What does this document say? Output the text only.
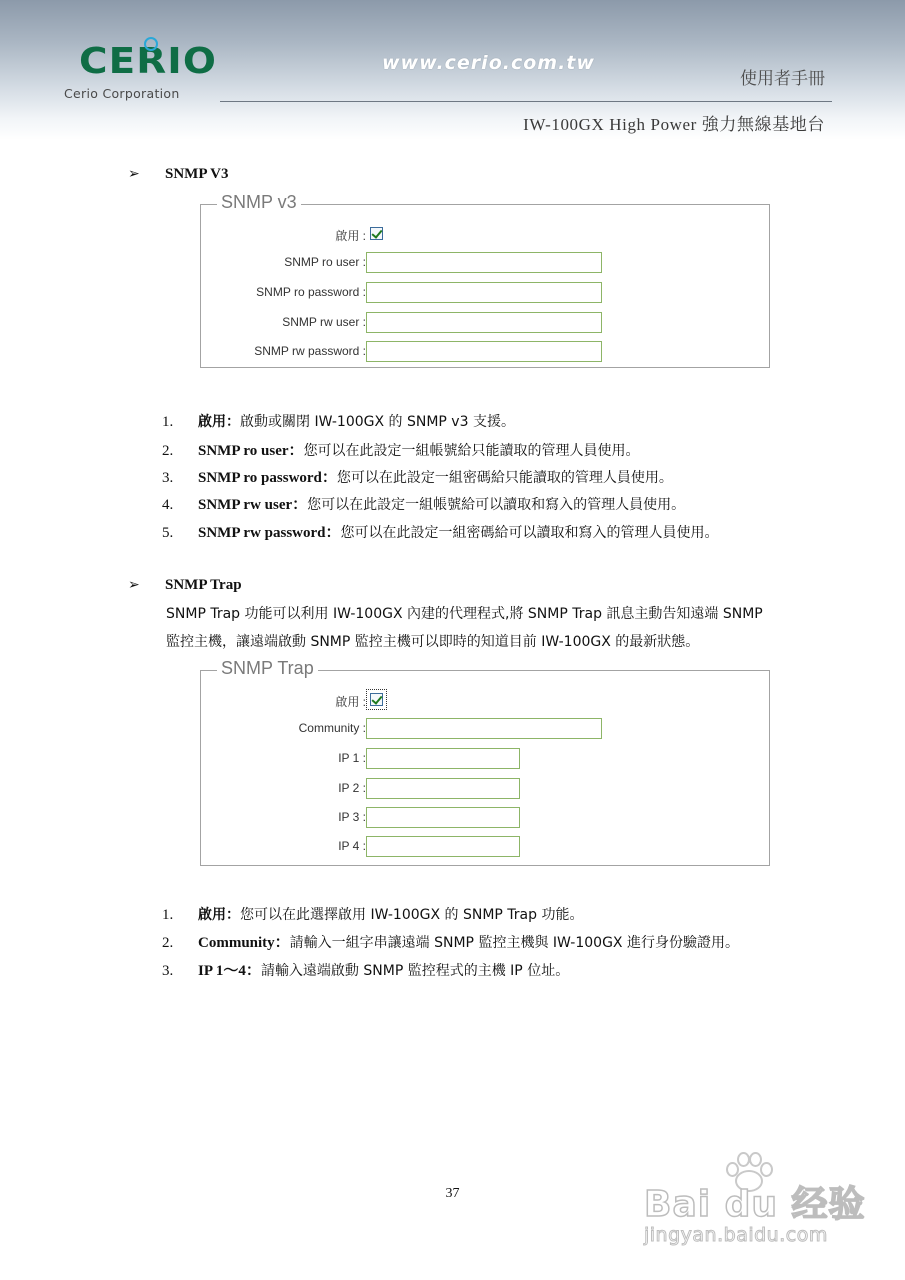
CERIO
Cerio Corporation
www.cerio.com.tw
使用者手冊
IW-100GX High Power 強力無線基地台
➢ SNMP V3
SNMP v3
啟用 :
SNMP ro user :
SNMP ro password :
SNMP rw user :
SNMP rw password :
1. 啟用：啟動或關閉 IW-100GX 的 SNMP v3 支援。
2. SNMP ro user：您可以在此設定一組帳號給只能讀取的管理人員使用。
3. SNMP ro password：您可以在此設定一組密碼給只能讀取的管理人員使用。
4. SNMP rw user：您可以在此設定一組帳號給可以讀取和寫入的管理人員使用。
5. SNMP rw password：您可以在此設定一組密碼給可以讀取和寫入的管理人員使用。
➢ SNMP Trap
SNMP Trap 功能可以利用 IW-100GX 內建的代理程式,將 SNMP Trap 訊息主動告知遠端 SNMP
監控主機，讓遠端啟動 SNMP 監控主機可以即時的知道目前 IW-100GX 的最新狀態。
SNMP Trap
啟用 :
Community :
IP 1 :
IP 2 :
IP 3 :
IP 4 :
1. 啟用：您可以在此選擇啟用 IW-100GX 的 SNMP Trap 功能。
2. Community：請輸入一組字串讓遠端 SNMP 監控主機與 IW-100GX 進行身份驗證用。
3. IP 1～4：請輸入遠端啟動 SNMP 監控程式的主機 IP 位址。
37	Bai du 经验
jingyan.baidu.com
